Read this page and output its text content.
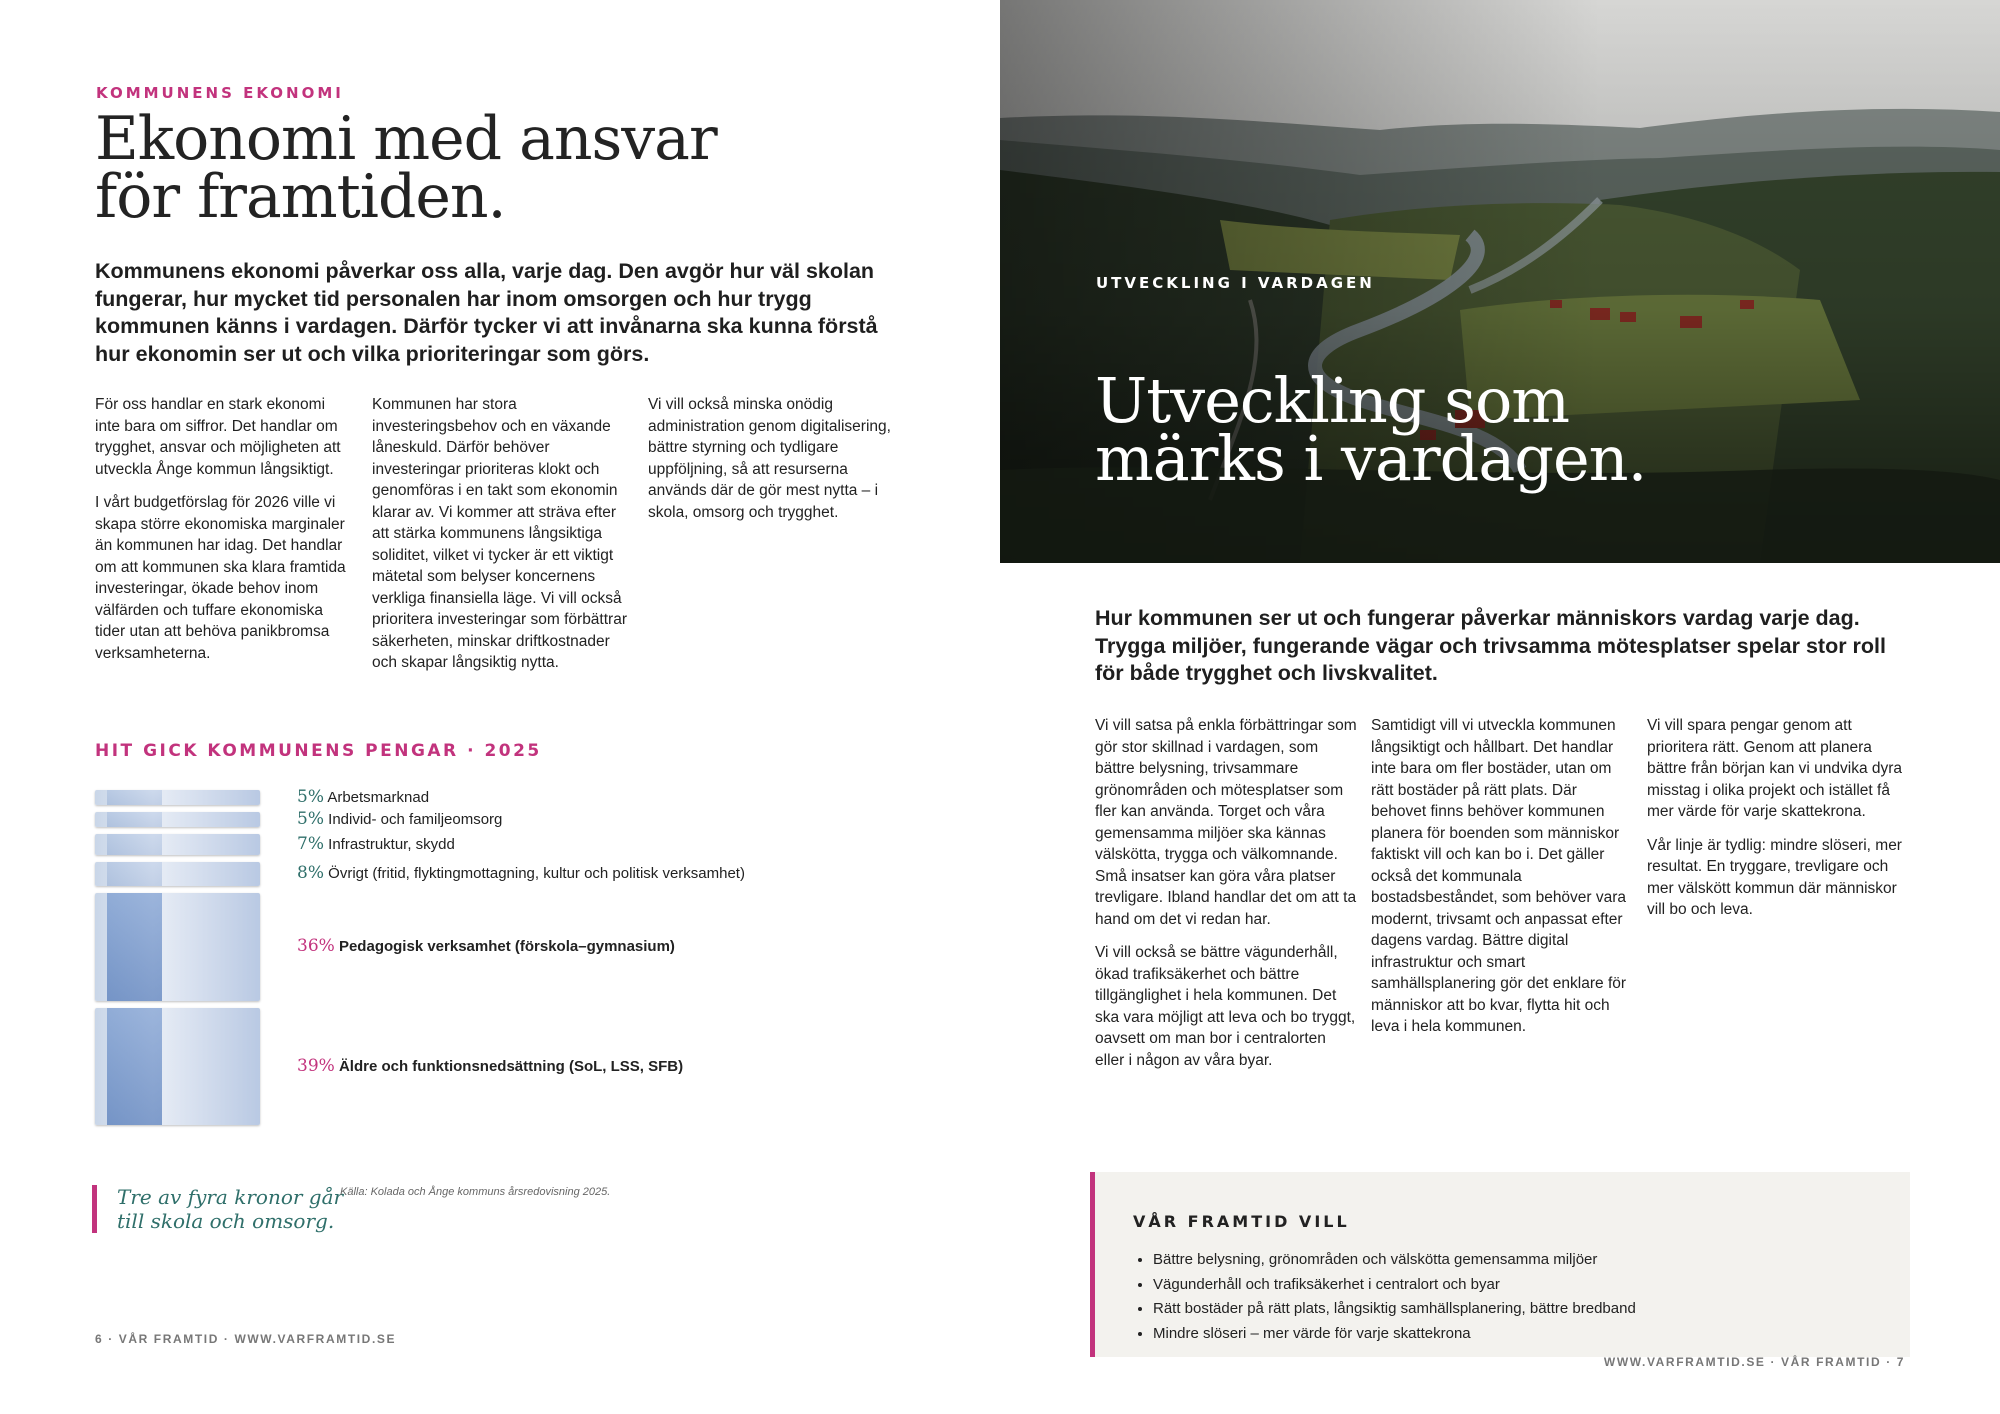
KOMMUNENS EKONOMI
Ekonomi med ansvar
för framtiden.
Kommunens ekonomi påverkar oss alla, varje dag. Den avgör hur väl skolan fungerar, hur mycket tid personalen har inom omsorgen och hur trygg kommunen känns i vardagen. Därför tycker vi att invånarna ska kunna förstå hur ekonomin ser ut och vilka prioriteringar som görs.

För oss handlar en stark ekonomi inte bara om siffror. Det handlar om trygghet, ansvar och möjligheten att utveckla Ånge kommun långsiktigt.

I vårt budgetförslag för 2026 ville vi skapa större ekonomiska marginaler än kommunen har idag. Det handlar om att kommunen ska klara framtida investeringar, ökade behov inom välfärden och tuffare ekonomiska tider utan att behöva panikbromsa verksamheterna.

Kommunen har stora investeringsbehov och en växande låneskuld. Därför behöver investeringar prioriteras klokt och genomföras i en takt som ekonomin klarar av. Vi kommer att sträva efter att stärka kommunens långsiktiga soliditet, vilket vi tycker är ett viktigt mätetal som belyser koncernens verkliga finansiella läge. Vi vill också prioritera investeringar som förbättrar säkerheten, minskar driftkostnader och skapar långsiktig nytta.

Vi vill också minska onödig administration genom digitalisering, bättre styrning och tydligare uppföljning, så att resurserna används där de gör mest nytta – i skola, omsorg och trygghet.

HIT GICK KOMMUNENS PENGAR · 2025
5% Arbetsmarknad
5% Individ- och familjeomsorg
7% Infrastruktur, skydd
8% Övrigt (fritid, flyktingmottagning, kultur och politisk verksamhet)
36% Pedagogisk verksamhet (förskola–gymnasium)
39% Äldre och funktionsnedsättning (SoL, LSS, SFB)
Tre av fyra kronor går
till skola och omsorg.
Källa: Kolada och Ånge kommuns årsredovisning 2025.
6 · VÅR FRAMTID · WWW.VARFRAMTID.SE
UTVECKLING I VARDAGEN
Utveckling som
märks i vardagen.
Hur kommunen ser ut och fungerar påverkar människors vardag varje dag. Trygga miljöer, fungerande vägar och trivsamma mötesplatser spelar stor roll för både trygghet och livskvalitet.

Vi vill satsa på enkla förbättringar som gör stor skillnad i vardagen, som bättre belysning, trivsammare grönområden och mötesplatser som fler kan använda. Torget och våra gemensamma miljöer ska kännas välskötta, trygga och välkomnande. Små insatser kan göra våra platser trevligare. Ibland handlar det om att ta hand om det vi redan har.

Vi vill också se bättre vägunderhåll, ökad trafiksäkerhet och bättre tillgänglighet i hela kommunen. Det ska vara möjligt att leva och bo tryggt, oavsett om man bor i centralorten eller i någon av våra byar.

Samtidigt vill vi utveckla kommunen långsiktigt och hållbart. Det handlar inte bara om fler bostäder, utan om rätt bostäder på rätt plats. Där behovet finns behöver kommunen planera för boenden som människor faktiskt vill och kan bo i. Det gäller också det kommunala bostadsbeståndet, som behöver vara modernt, trivsamt och anpassat efter dagens vardag. Bättre digital infrastruktur och smart samhällsplanering gör det enklare för människor att bo kvar, flytta hit och leva i hela kommunen.

Vi vill spara pengar genom att prioritera rätt. Genom att planera bättre från början kan vi undvika dyra misstag i olika projekt och istället få mer värde för varje skattekrona.

Vår linje är tydlig: mindre slöseri, mer resultat. En tryggare, trevligare och mer välskött kommun där människor vill bo och leva.

VÅR FRAMTID VILL
• Bättre belysning, grönområden och välskötta gemensamma miljöer
• Vägunderhåll och trafiksäkerhet i centralort och byar
• Rätt bostäder på rätt plats, långsiktig samhällsplanering, bättre bredband
• Mindre slöseri – mer värde för varje skattekrona
WWW.VARFRAMTID.SE · VÅR FRAMTID · 7
